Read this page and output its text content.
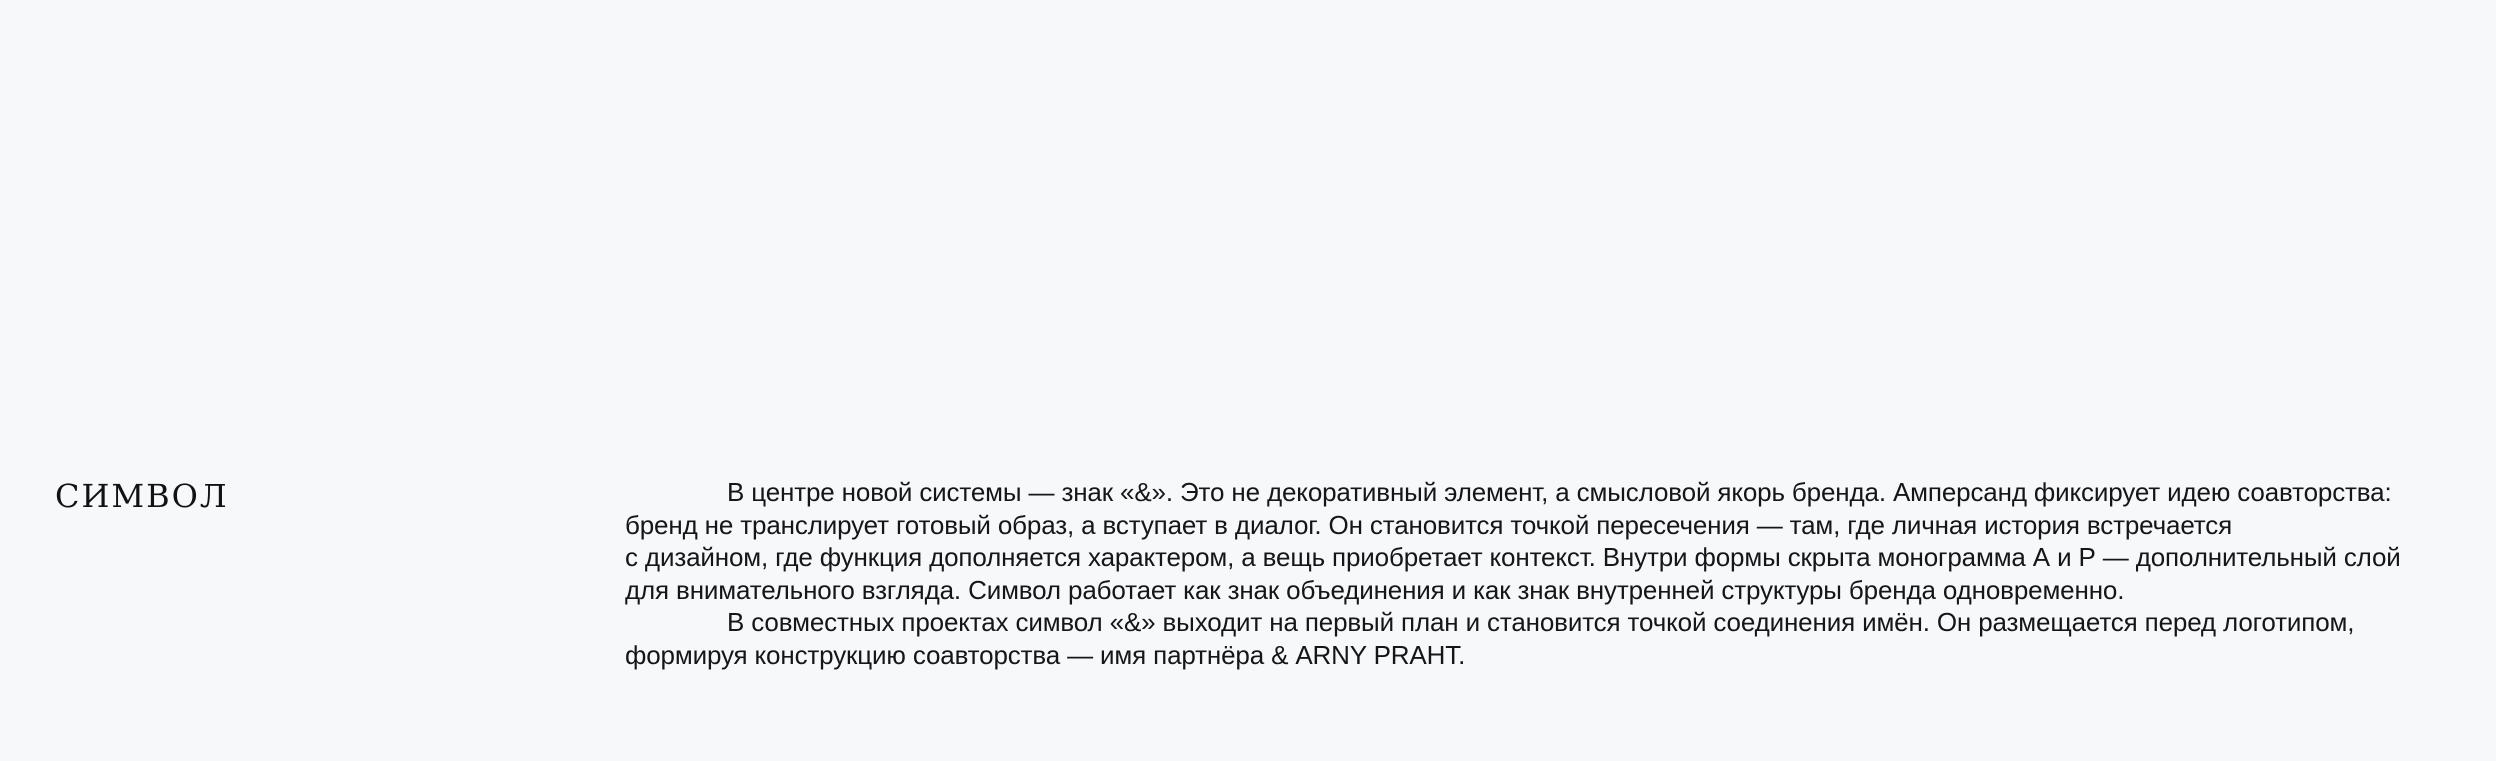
СИМВОЛ	В центре новой системы — знак «&». Это не декоративный элемент, а смысловой якорь бренда. Амперсанд фиксирует идею соавторства:
бренд не транслирует готовый образ, а вступает в диалог. Он становится точкой пересечения — там, где личная история встречается
с дизайном, где функция дополняется характером, а вещь приобретает контекст. Внутри формы скрыта монограмма А и Р — дополнительный слой
для внимательного взгляда. Символ работает как знак объединения и как знак внутренней структуры бренда одновременно.
В совместных проектах символ «&» выходит на первый план и становится точкой соединения имён. Он размещается перед логотипом,
формируя конструкцию соавторства — имя партнёра & ARNY PRAHT.
